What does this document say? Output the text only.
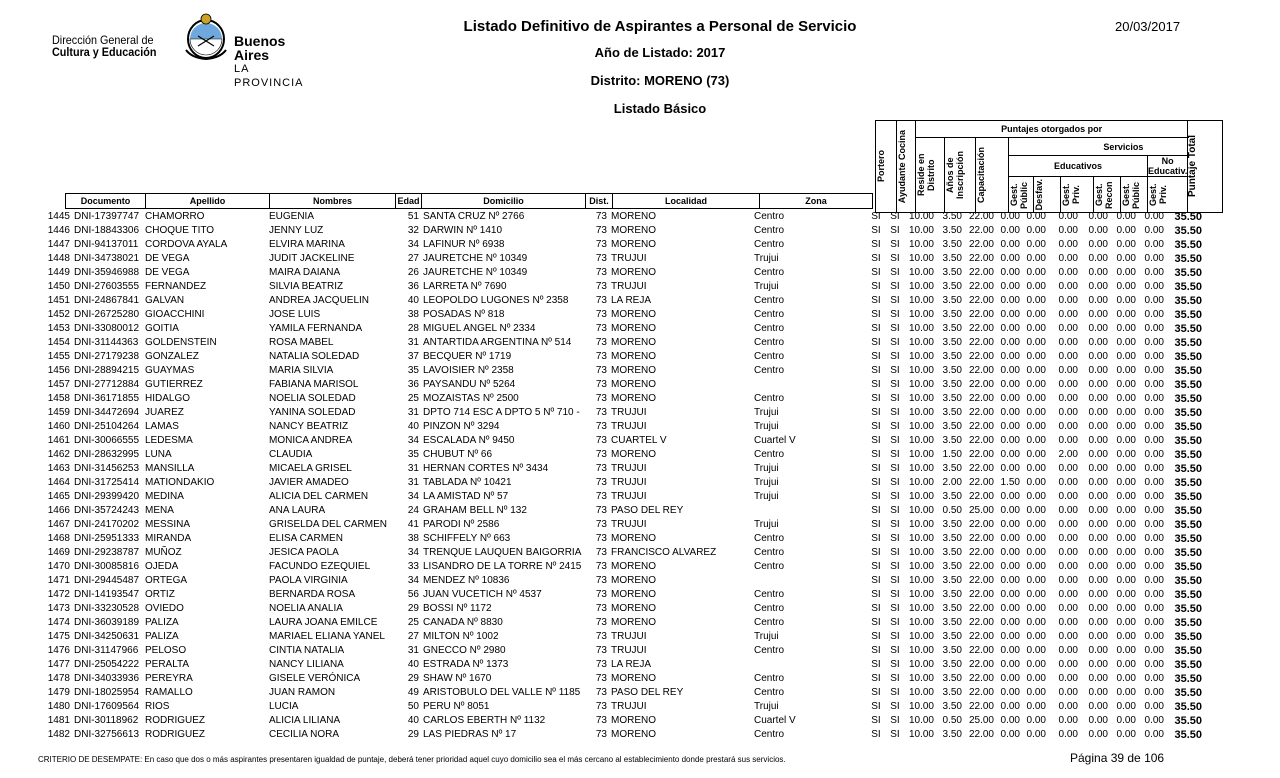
Dirección General de
Cultura y Educación
Buenos Aires
LA PROVINCIA
Listado Definitivo de Aspirantes a Personal de Servicio
Año de Listado: 2017
Distrito: MORENO (73)
Listado Básico
20/03/2017
Documento	Apellido	Nombres	Edad	Domicilio	Dist.	Localidad	Zona
Portero	Ayudante Cocina	Puntajes otorgados por									Puntaje Total

		Reside en Distrito	Años de Inscripción	Capacitación	Servicios						
					Educativos					No Educativ.	

					Gest. Públic	Desfav.	Gest. Priv.	Gest. Recon	Gest. Públic	Gest. Priv.	
1445	DNI-17397747	CHAMORRO	EUGENIA	51	SANTA CRUZ Nº 2766	73	MORENO	Centro	SI	SI	10.00	3.50	22.00	0.00	0.00	0.00	0.00	0.00	0.00	35.50
1446	DNI-18843306	CHOQUE TITO	JENNY LUZ	32	DARWIN Nº 1410	73	MORENO	Centro	SI	SI	10.00	3.50	22.00	0.00	0.00	0.00	0.00	0.00	0.00	35.50
1447	DNI-94137011	CORDOVA AYALA	ELVIRA MARINA	34	LAFINUR Nº 6938	73	MORENO	Centro	SI	SI	10.00	3.50	22.00	0.00	0.00	0.00	0.00	0.00	0.00	35.50
1448	DNI-34738021	DE VEGA	JUDIT JACKELINE	27	JAURETCHE Nº 10349	73	TRUJUI	Trujui	SI	SI	10.00	3.50	22.00	0.00	0.00	0.00	0.00	0.00	0.00	35.50
1449	DNI-35946988	DE VEGA	MAIRA DAIANA	26	JAURETCHE Nº 10349	73	MORENO	Centro	SI	SI	10.00	3.50	22.00	0.00	0.00	0.00	0.00	0.00	0.00	35.50
1450	DNI-27603555	FERNANDEZ	SILVIA BEATRIZ	36	LARRETA Nº 7690	73	TRUJUI	Trujui	SI	SI	10.00	3.50	22.00	0.00	0.00	0.00	0.00	0.00	0.00	35.50
1451	DNI-24867841	GALVAN	ANDREA JACQUELIN	40	LEOPOLDO LUGONES Nº 2358	73	LA REJA	Centro	SI	SI	10.00	3.50	22.00	0.00	0.00	0.00	0.00	0.00	0.00	35.50
1452	DNI-26725280	GIOACCHINI	JOSE LUIS	38	POSADAS Nº 818	73	MORENO	Centro	SI	SI	10.00	3.50	22.00	0.00	0.00	0.00	0.00	0.00	0.00	35.50
1453	DNI-33080012	GOITIA	YAMILA FERNANDA	28	MIGUEL ANGEL Nº 2334	73	MORENO	Centro	SI	SI	10.00	3.50	22.00	0.00	0.00	0.00	0.00	0.00	0.00	35.50
1454	DNI-31144363	GOLDENSTEIN	ROSA MABEL	31	ANTARTIDA ARGENTINA Nº 514	73	MORENO	Centro	SI	SI	10.00	3.50	22.00	0.00	0.00	0.00	0.00	0.00	0.00	35.50
1455	DNI-27179238	GONZALEZ	NATALIA SOLEDAD	37	BECQUER Nº 1719	73	MORENO	Centro	SI	SI	10.00	3.50	22.00	0.00	0.00	0.00	0.00	0.00	0.00	35.50
1456	DNI-28894215	GUAYMAS	MARIA SILVIA	35	LAVOISIER Nº 2358	73	MORENO	Centro	SI	SI	10.00	3.50	22.00	0.00	0.00	0.00	0.00	0.00	0.00	35.50
1457	DNI-27712884	GUTIERREZ	FABIANA MARISOL	36	PAYSANDU Nº 5264	73	MORENO		SI	SI	10.00	3.50	22.00	0.00	0.00	0.00	0.00	0.00	0.00	35.50
1458	DNI-36171855	HIDALGO	NOELIA SOLEDAD	25	MOZAISTAS Nº 2500	73	MORENO	Centro	SI	SI	10.00	3.50	22.00	0.00	0.00	0.00	0.00	0.00	0.00	35.50
1459	DNI-34472694	JUAREZ	YANINA SOLEDAD	31	DPTO 714 ESC A DPTO 5 Nº 710 -	73	TRUJUI	Trujui	SI	SI	10.00	3.50	22.00	0.00	0.00	0.00	0.00	0.00	0.00	35.50
1460	DNI-25104264	LAMAS	NANCY BEATRIZ	40	PINZON Nº 3294	73	TRUJUI	Trujui	SI	SI	10.00	3.50	22.00	0.00	0.00	0.00	0.00	0.00	0.00	35.50
1461	DNI-30066555	LEDESMA	MONICA ANDREA	34	ESCALADA Nº 9450	73	CUARTEL V	Cuartel V	SI	SI	10.00	3.50	22.00	0.00	0.00	0.00	0.00	0.00	0.00	35.50
1462	DNI-28632995	LUNA	CLAUDIA	35	CHUBUT Nº 66	73	MORENO	Centro	SI	SI	10.00	1.50	22.00	0.00	0.00	2.00	0.00	0.00	0.00	35.50
1463	DNI-31456253	MANSILLA	MICAELA GRISEL	31	HERNAN CORTES Nº 3434	73	TRUJUI	Trujui	SI	SI	10.00	3.50	22.00	0.00	0.00	0.00	0.00	0.00	0.00	35.50
1464	DNI-31725414	MATIONDAKIO	JAVIER AMADEO	31	TABLADA Nº 10421	73	TRUJUI	Trujui	SI	SI	10.00	2.00	22.00	1.50	0.00	0.00	0.00	0.00	0.00	35.50
1465	DNI-29399420	MEDINA	ALICIA DEL CARMEN	34	LA AMISTAD Nº 57	73	TRUJUI	Trujui	SI	SI	10.00	3.50	22.00	0.00	0.00	0.00	0.00	0.00	0.00	35.50
1466	DNI-35724243	MENA	ANA LAURA	24	GRAHAM BELL Nº 132	73	PASO DEL REY		SI	SI	10.00	0.50	25.00	0.00	0.00	0.00	0.00	0.00	0.00	35.50
1467	DNI-24170202	MESSINA	GRISELDA DEL CARMEN	41	PARODI Nº 2586	73	TRUJUI	Trujui	SI	SI	10.00	3.50	22.00	0.00	0.00	0.00	0.00	0.00	0.00	35.50
1468	DNI-25951333	MIRANDA	ELISA CARMEN	38	SCHIFFELY Nº 663	73	MORENO	Centro	SI	SI	10.00	3.50	22.00	0.00	0.00	0.00	0.00	0.00	0.00	35.50
1469	DNI-29238787	MUÑOZ	JESICA PAOLA	34	TRENQUE LAUQUEN BAIGORRIA	73	FRANCISCO ALVAREZ	Centro	SI	SI	10.00	3.50	22.00	0.00	0.00	0.00	0.00	0.00	0.00	35.50
1470	DNI-30085816	OJEDA	FACUNDO EZEQUIEL	33	LISANDRO DE LA TORRE Nº 2415	73	MORENO	Centro	SI	SI	10.00	3.50	22.00	0.00	0.00	0.00	0.00	0.00	0.00	35.50
1471	DNI-29445487	ORTEGA	PAOLA VIRGINIA	34	MENDEZ Nº 10836	73	MORENO		SI	SI	10.00	3.50	22.00	0.00	0.00	0.00	0.00	0.00	0.00	35.50
1472	DNI-14193547	ORTIZ	BERNARDA ROSA	56	JUAN VUCETICH Nº 4537	73	MORENO	Centro	SI	SI	10.00	3.50	22.00	0.00	0.00	0.00	0.00	0.00	0.00	35.50
1473	DNI-33230528	OVIEDO	NOELIA ANALIA	29	BOSSI Nº 1172	73	MORENO	Centro	SI	SI	10.00	3.50	22.00	0.00	0.00	0.00	0.00	0.00	0.00	35.50
1474	DNI-36039189	PALIZA	LAURA JOANA EMILCE	25	CANADA Nº 8830	73	MORENO	Centro	SI	SI	10.00	3.50	22.00	0.00	0.00	0.00	0.00	0.00	0.00	35.50
1475	DNI-34250631	PALIZA	MARIAEL ELIANA YANEL	27	MILTON Nº 1002	73	TRUJUI	Trujui	SI	SI	10.00	3.50	22.00	0.00	0.00	0.00	0.00	0.00	0.00	35.50
1476	DNI-31147966	PELOSO	CINTIA NATALIA	31	GNECCO Nº 2980	73	TRUJUI	Centro	SI	SI	10.00	3.50	22.00	0.00	0.00	0.00	0.00	0.00	0.00	35.50
1477	DNI-25054222	PERALTA	NANCY LILIANA	40	ESTRADA Nº 1373	73	LA REJA		SI	SI	10.00	3.50	22.00	0.00	0.00	0.00	0.00	0.00	0.00	35.50
1478	DNI-34033936	PEREYRA	GISELE VERÓNICA	29	SHAW Nº 1670	73	MORENO	Centro	SI	SI	10.00	3.50	22.00	0.00	0.00	0.00	0.00	0.00	0.00	35.50
1479	DNI-18025954	RAMALLO	JUAN RAMON	49	ARISTOBULO DEL VALLE Nº 1185	73	PASO DEL REY	Centro	SI	SI	10.00	3.50	22.00	0.00	0.00	0.00	0.00	0.00	0.00	35.50
1480	DNI-17609564	RIOS	LUCIA	50	PERU Nº 8051	73	TRUJUI	Trujui	SI	SI	10.00	3.50	22.00	0.00	0.00	0.00	0.00	0.00	0.00	35.50
1481	DNI-30118962	RODRIGUEZ	ALICIA LILIANA	40	CARLOS EBERTH Nº 1132	73	MORENO	Cuartel V	SI	SI	10.00	0.50	25.00	0.00	0.00	0.00	0.00	0.00	0.00	35.50
1482	DNI-32756613	RODRIGUEZ	CECILIA NORA	29	LAS PIEDRAS Nº 17	73	MORENO	Centro	SI	SI	10.00	3.50	22.00	0.00	0.00	0.00	0.00	0.00	0.00	35.50
CRITERIO DE DESEMPATE: En caso que dos o más aspirantes presentaren igualdad de puntaje, deberá tener prioridad aquel cuyo domicilio sea el más cercano al establecimiento donde prestará sus servicios.	Página 39 de 106
